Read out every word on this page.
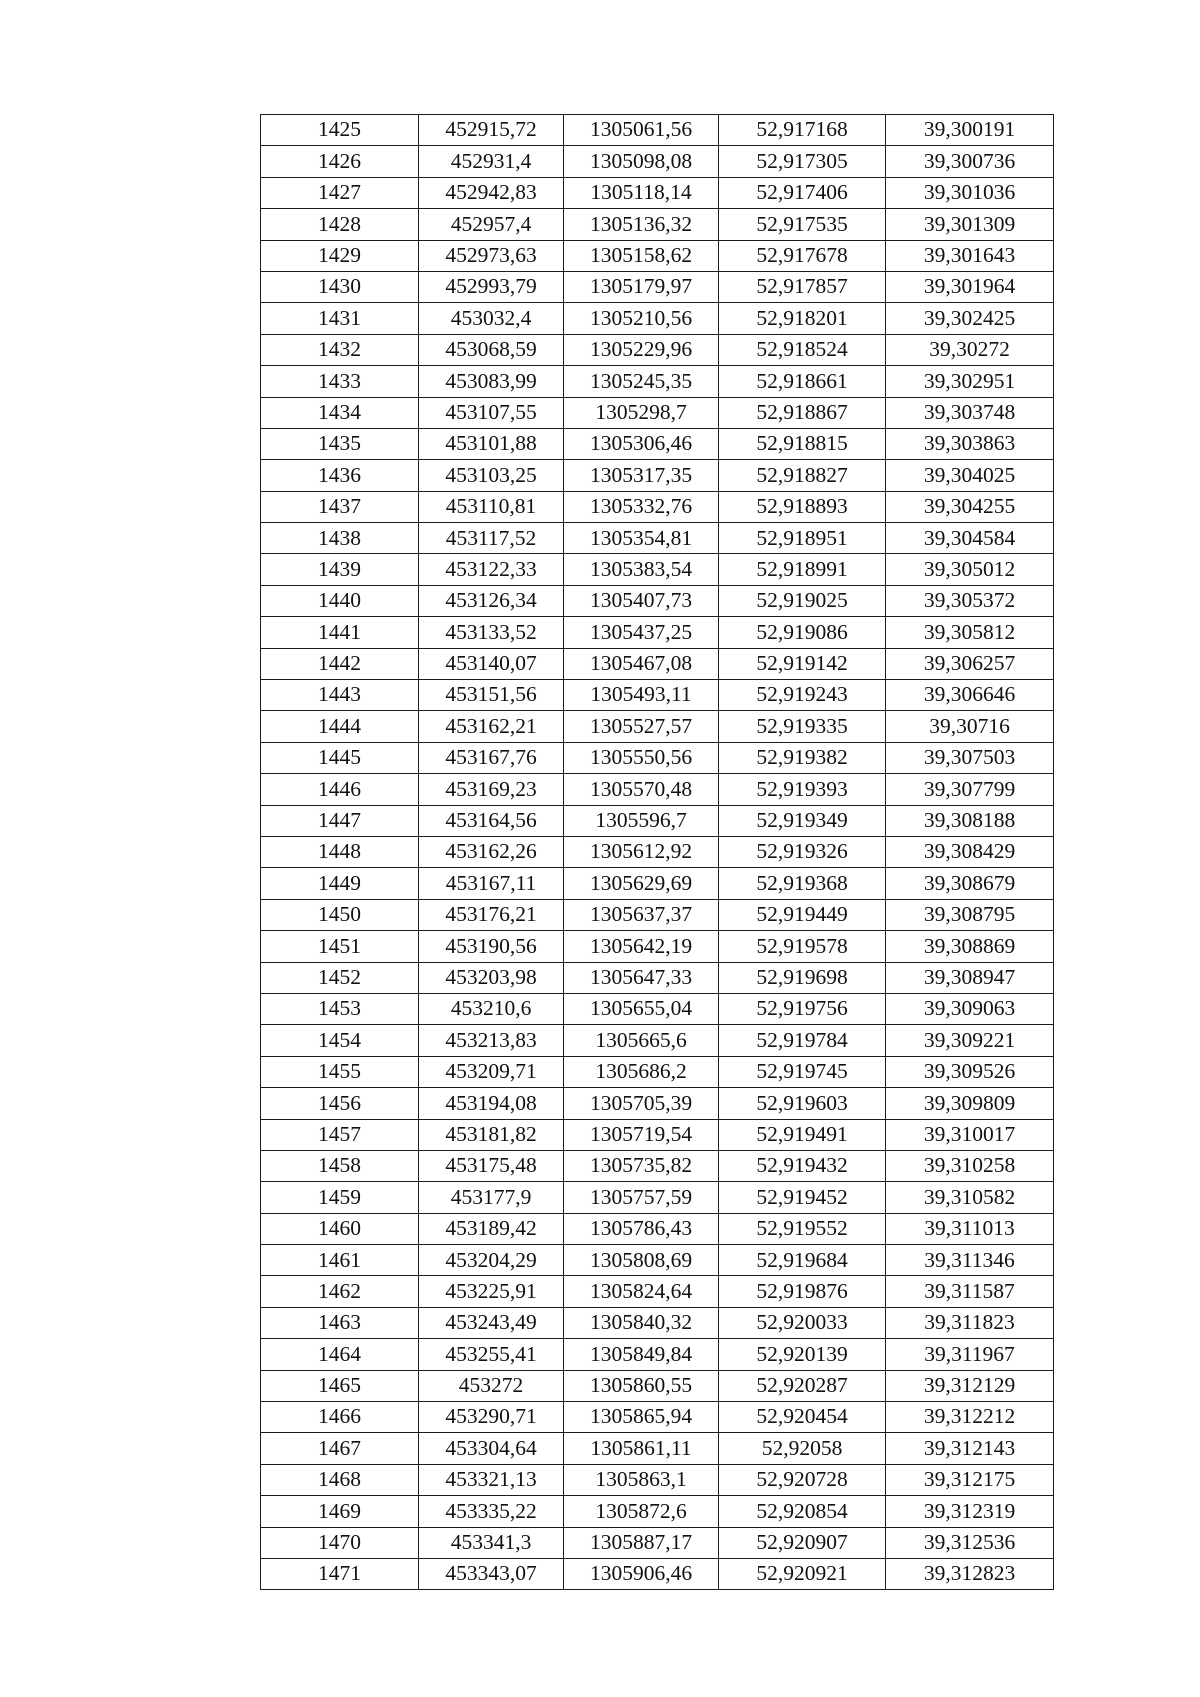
1425	452915,72	1305061,56	52,917168	39,300191
1426	452931,4	1305098,08	52,917305	39,300736
1427	452942,83	1305118,14	52,917406	39,301036
1428	452957,4	1305136,32	52,917535	39,301309
1429	452973,63	1305158,62	52,917678	39,301643
1430	452993,79	1305179,97	52,917857	39,301964
1431	453032,4	1305210,56	52,918201	39,302425
1432	453068,59	1305229,96	52,918524	39,30272
1433	453083,99	1305245,35	52,918661	39,302951
1434	453107,55	1305298,7	52,918867	39,303748
1435	453101,88	1305306,46	52,918815	39,303863
1436	453103,25	1305317,35	52,918827	39,304025
1437	453110,81	1305332,76	52,918893	39,304255
1438	453117,52	1305354,81	52,918951	39,304584
1439	453122,33	1305383,54	52,918991	39,305012
1440	453126,34	1305407,73	52,919025	39,305372
1441	453133,52	1305437,25	52,919086	39,305812
1442	453140,07	1305467,08	52,919142	39,306257
1443	453151,56	1305493,11	52,919243	39,306646
1444	453162,21	1305527,57	52,919335	39,30716
1445	453167,76	1305550,56	52,919382	39,307503
1446	453169,23	1305570,48	52,919393	39,307799
1447	453164,56	1305596,7	52,919349	39,308188
1448	453162,26	1305612,92	52,919326	39,308429
1449	453167,11	1305629,69	52,919368	39,308679
1450	453176,21	1305637,37	52,919449	39,308795
1451	453190,56	1305642,19	52,919578	39,308869
1452	453203,98	1305647,33	52,919698	39,308947
1453	453210,6	1305655,04	52,919756	39,309063
1454	453213,83	1305665,6	52,919784	39,309221
1455	453209,71	1305686,2	52,919745	39,309526
1456	453194,08	1305705,39	52,919603	39,309809
1457	453181,82	1305719,54	52,919491	39,310017
1458	453175,48	1305735,82	52,919432	39,310258
1459	453177,9	1305757,59	52,919452	39,310582
1460	453189,42	1305786,43	52,919552	39,311013
1461	453204,29	1305808,69	52,919684	39,311346
1462	453225,91	1305824,64	52,919876	39,311587
1463	453243,49	1305840,32	52,920033	39,311823
1464	453255,41	1305849,84	52,920139	39,311967
1465	453272	1305860,55	52,920287	39,312129
1466	453290,71	1305865,94	52,920454	39,312212
1467	453304,64	1305861,11	52,92058	39,312143
1468	453321,13	1305863,1	52,920728	39,312175
1469	453335,22	1305872,6	52,920854	39,312319
1470	453341,3	1305887,17	52,920907	39,312536
1471	453343,07	1305906,46	52,920921	39,312823
